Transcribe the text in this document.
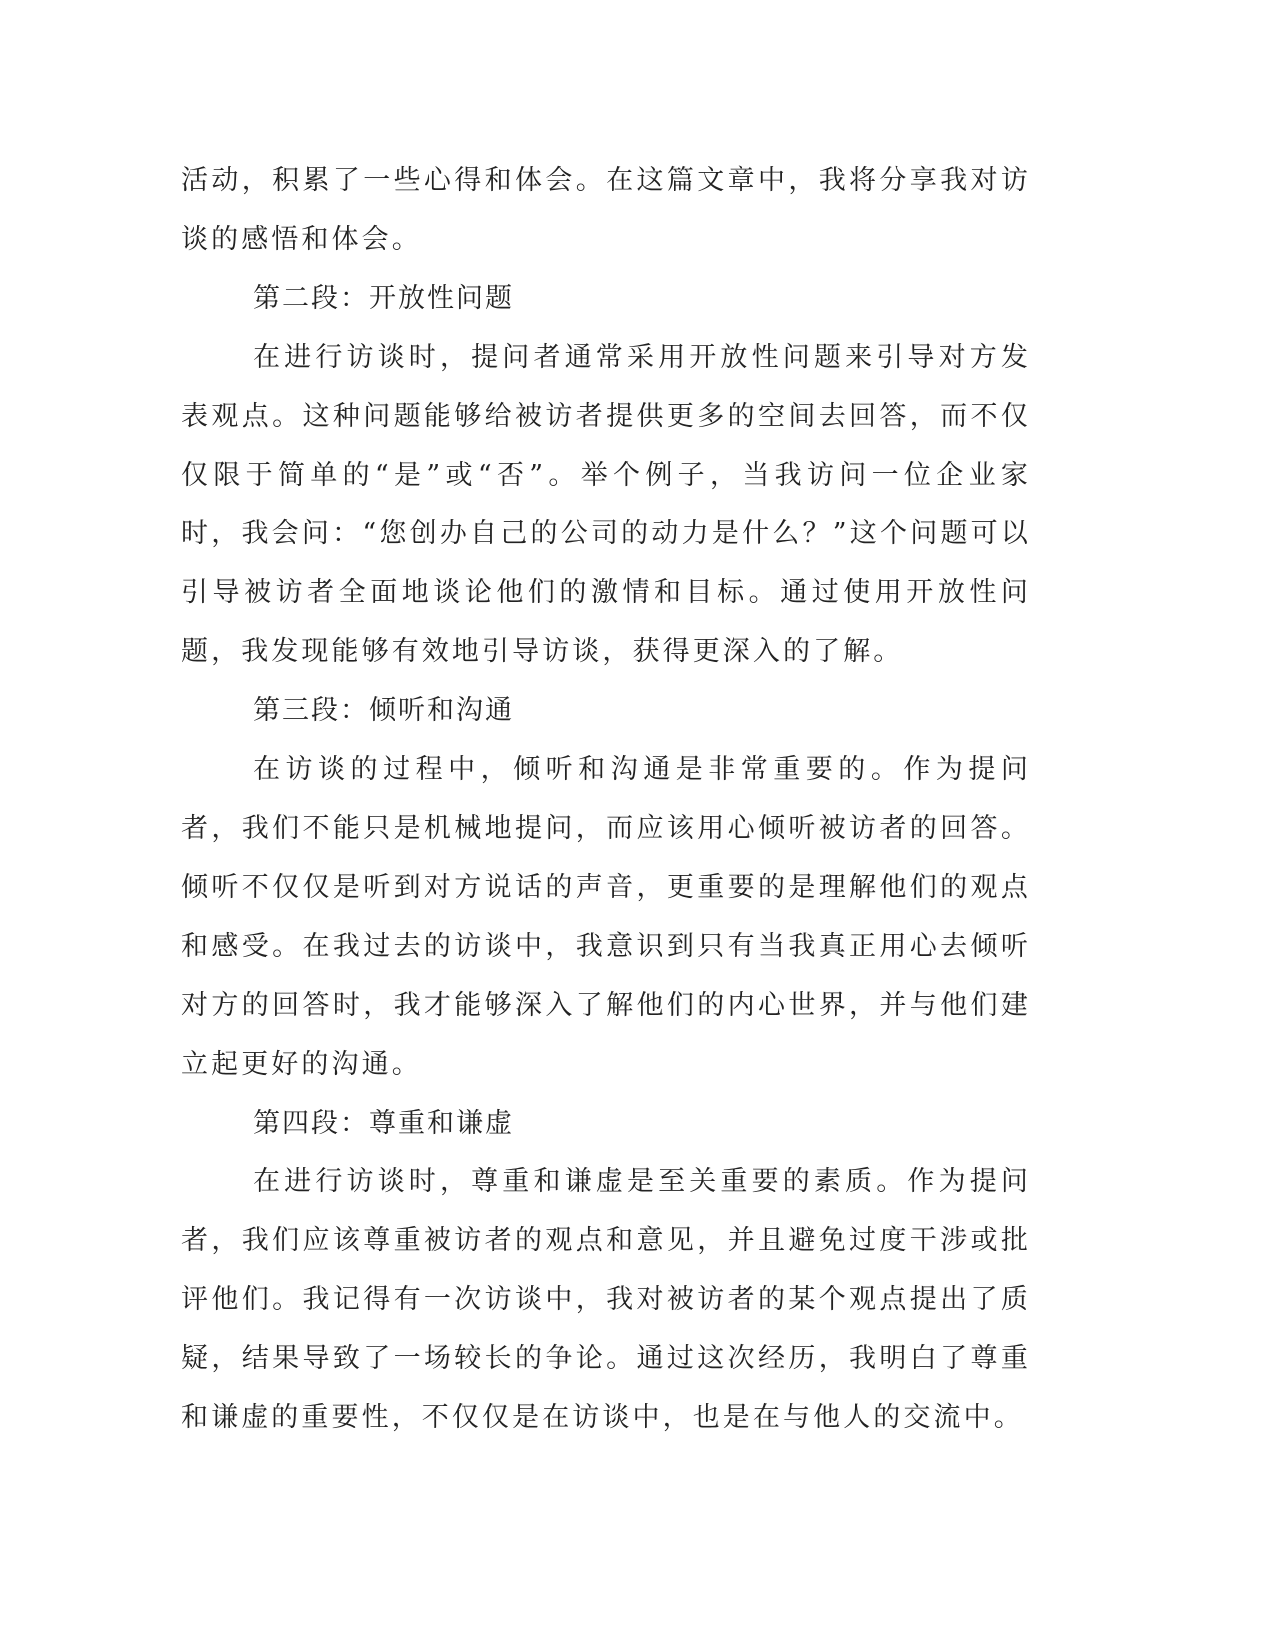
活动，积累了一些心得和体会。在这篇文章中，我将分享我对访谈的感悟和体会。

第二段：开放性问题

在进行访谈时，提问者通常采用开放性问题来引导对方发表观点。这种问题能够给被访者提供更多的空间去回答，而不仅仅限于简单的“是”或“否”。举个例子，当我访问一位企业家时，我会问：“您创办自己的公司的动力是什么？”这个问题可以引导被访者全面地谈论他们的激情和目标。通过使用开放性问题，我发现能够有效地引导访谈，获得更深入的了解。

第三段：倾听和沟通

在访谈的过程中，倾听和沟通是非常重要的。作为提问者，我们不能只是机械地提问，而应该用心倾听被访者的回答。倾听不仅仅是听到对方说话的声音，更重要的是理解他们的观点和感受。在我过去的访谈中，我意识到只有当我真正用心去倾听对方的回答时，我才能够深入了解他们的内心世界，并与他们建立起更好的沟通。

第四段：尊重和谦虚

在进行访谈时，尊重和谦虚是至关重要的素质。作为提问者，我们应该尊重被访者的观点和意见，并且避免过度干涉或批评他们。我记得有一次访谈中，我对被访者的某个观点提出了质疑，结果导致了一场较长的争论。通过这次经历，我明白了尊重和谦虚的重要性，不仅仅是在访谈中，也是在与他人的交流中。
